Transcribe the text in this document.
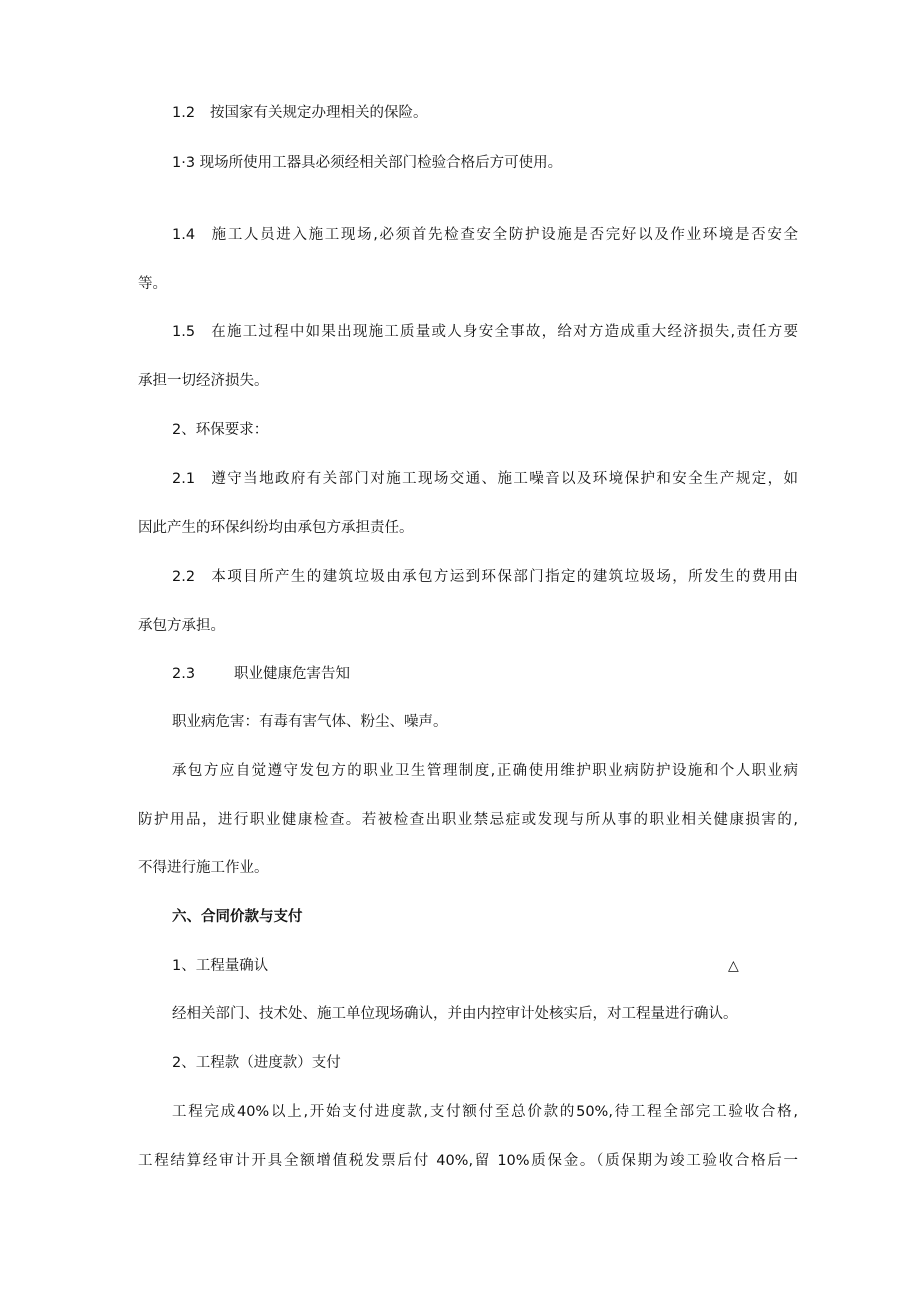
1.2 按国家有关规定办理相关的保险。
1·3 现场所使用工器具必须经相关部门检验合格后方可使用。
1.4 施工人员进入施工现场,必须首先检查安全防护设施是否完好以及作业环境是否安全
等。
1.5 在施工过程中如果出现施工质量或人身安全事故，给对方造成重大经济损失,责任方要
承担一切经济损失。
2、环保要求：
2.1 遵守当地政府有关部门对施工现场交通、施工噪音以及环境保护和安全生产规定，如
因此产生的环保纠纷均由承包方承担责任。
2.2 本项目所产生的建筑垃圾由承包方运到环保部门指定的建筑垃圾场，所发生的费用由
承包方承担。
2.3	职业健康危害告知
职业病危害：有毒有害气体、粉尘、噪声。
承包方应自觉遵守发包方的职业卫生管理制度,正确使用维护职业病防护设施和个人职业病
防护用品，进行职业健康检查。若被检查出职业禁忌症或发现与所从事的职业相关健康损害的,
不得进行施工作业。
六、合同价款与支付
1、工程量确认	△
经相关部门、技术处、施工单位现场确认，并由内控审计处核实后，对工程量进行确认。
2、工程款（进度款）支付
工程完成40%以上,开始支付进度款,支付额付至总价款的50%,待工程全部完工验收合格,
工程结算经审计开具全额增值税发票后付 40%,留 10%质保金。（质保期为竣工验收合格后一
